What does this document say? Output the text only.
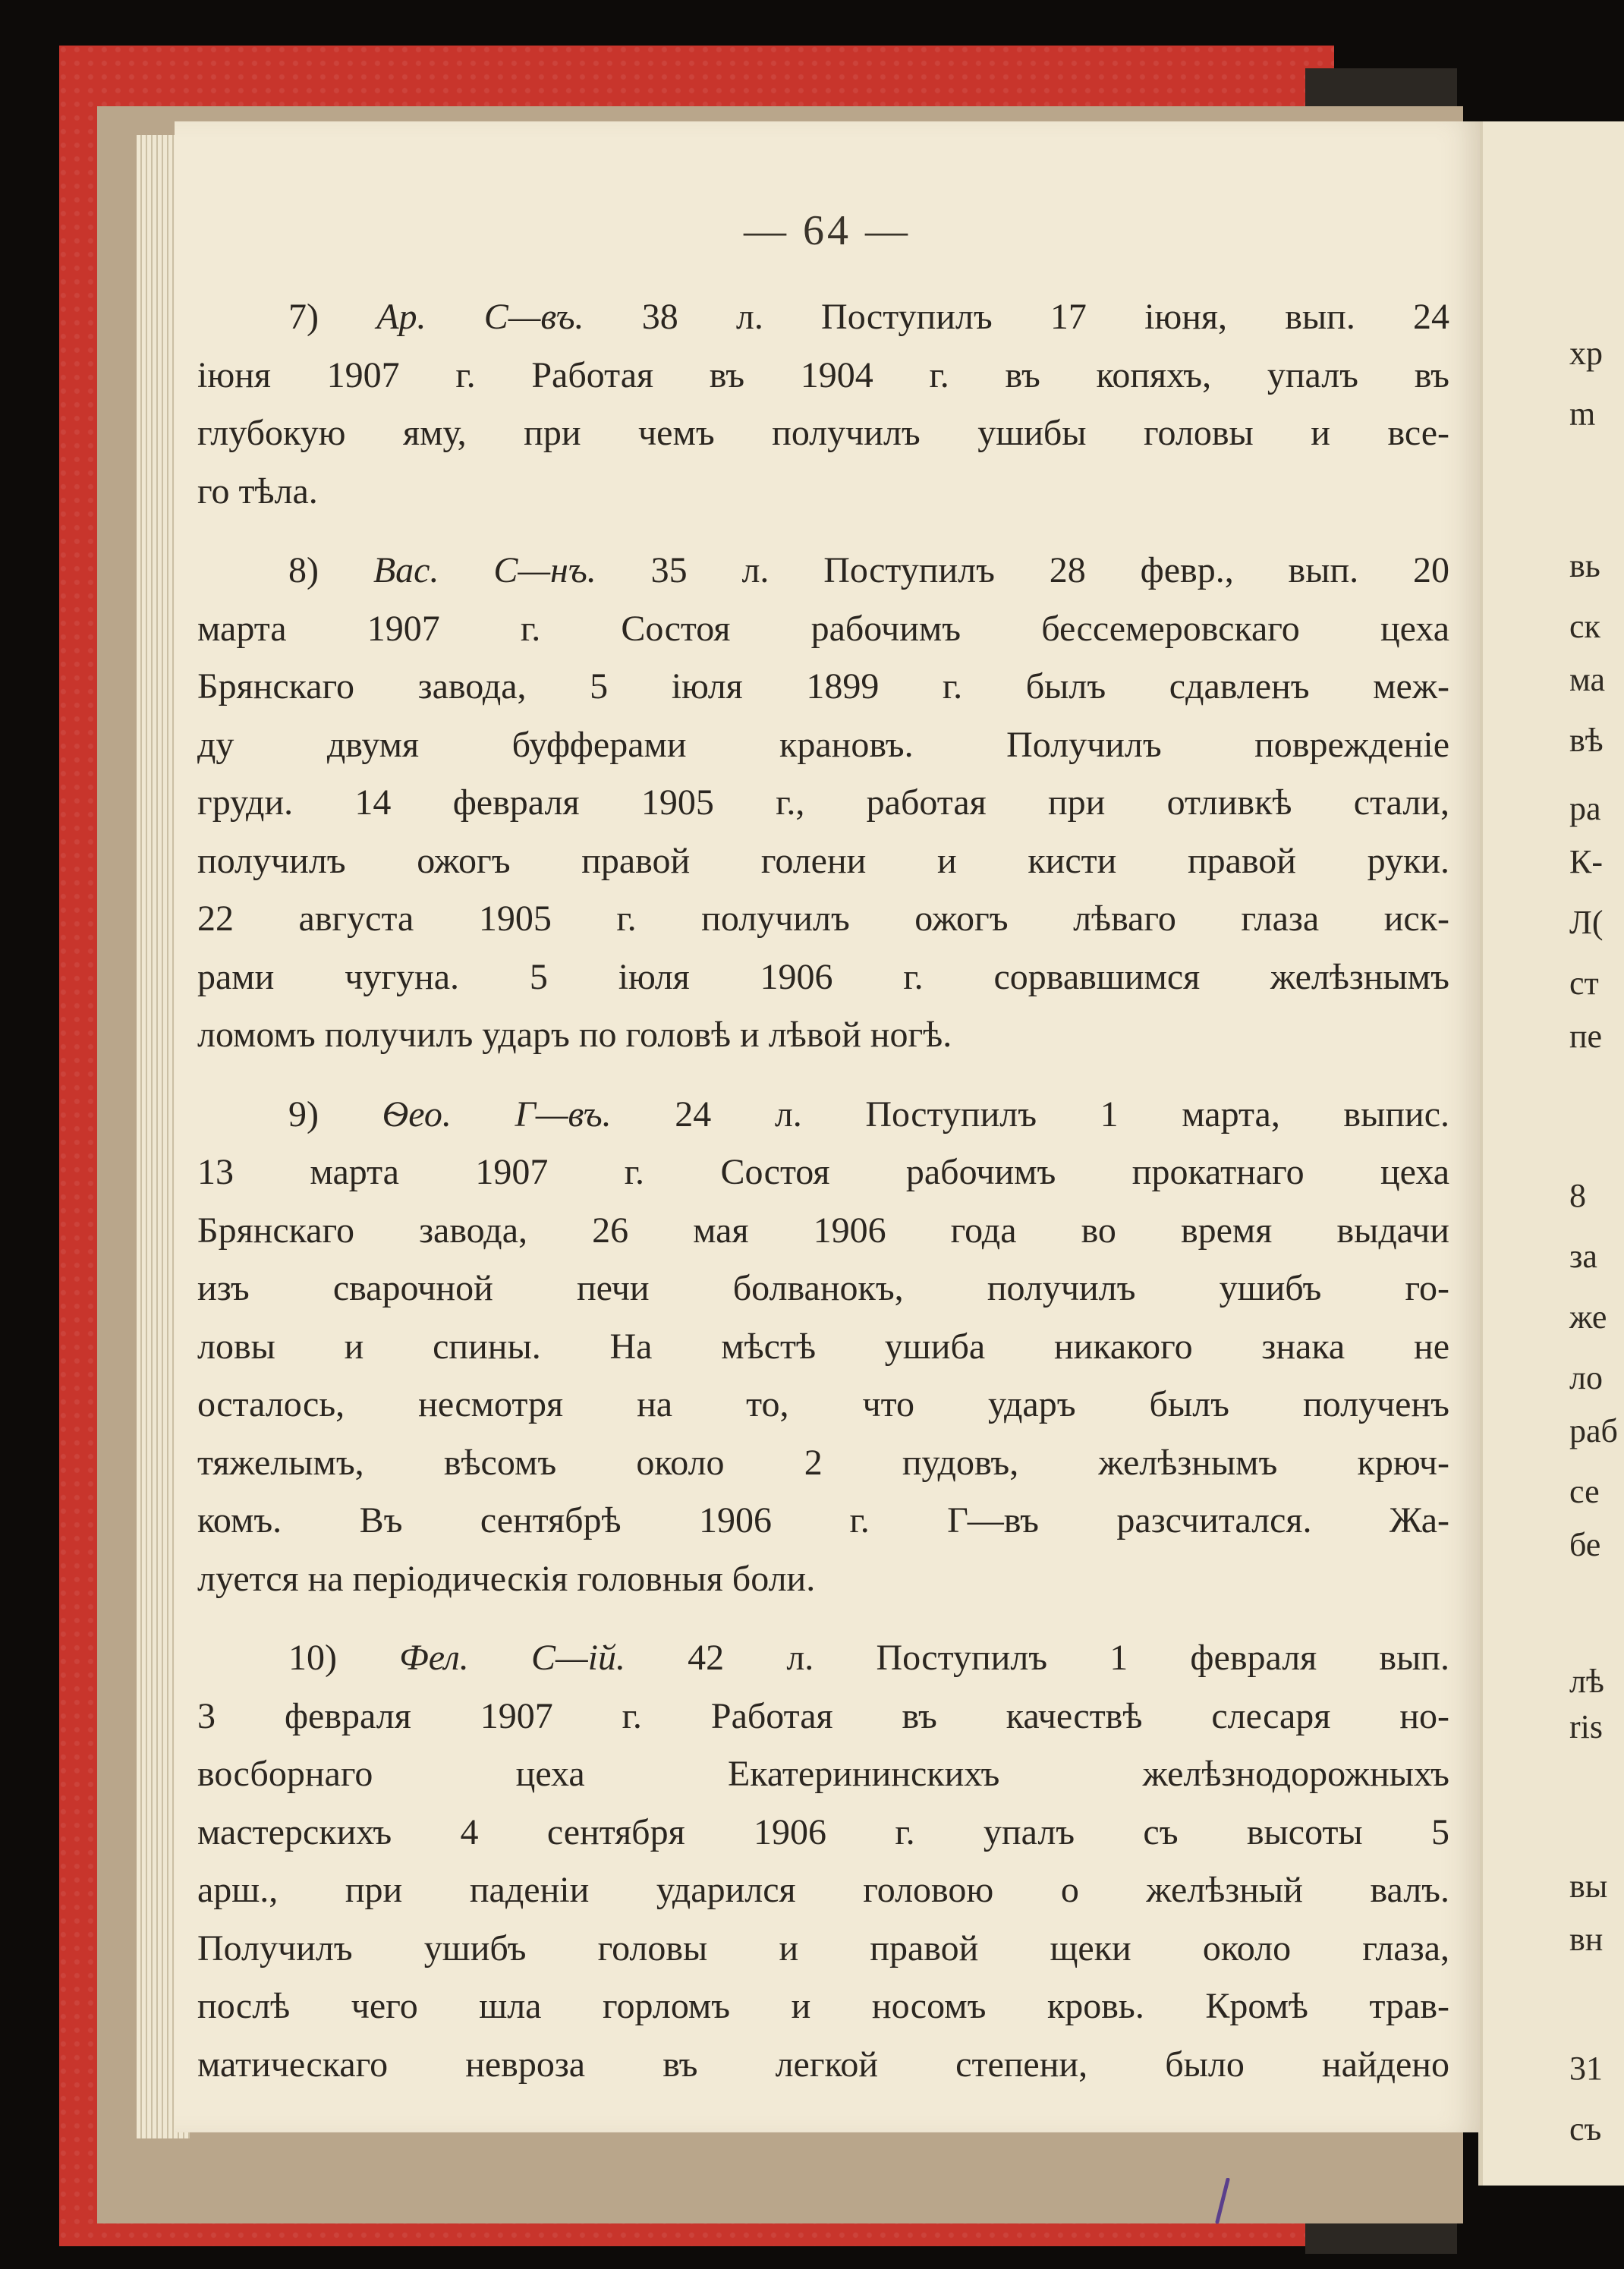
— 64 —
7) Ар. С—въ. 38 л. Поступилъ 17 іюня, вып. 24
іюня 1907 г. Работая въ 1904 г. въ копяхъ, упалъ въ
глубокую яму, при чемъ получилъ ушибы головы и все-
го тѣла.
8) Вас. С—нъ. 35 л. Поступилъ 28 февр., вып. 20
марта 1907 г. Состоя рабочимъ бессемеровскаго цеха
Брянскаго завода, 5 іюля 1899 г. былъ сдавленъ меж-
ду двумя буфферами крановъ. Получилъ поврежденіе
груди. 14 февраля 1905 г., работая при отливкѣ стали,
получилъ ожогъ правой голени и кисти правой руки.
22 августа 1905 г. получилъ ожогъ лѣваго глаза иск-
рами чугуна. 5 іюля 1906 г. сорвавшимся желѣзнымъ
ломомъ получилъ ударъ по головѣ и лѣвой ногѣ.
9) Ѳео. Г—въ. 24 л. Поступилъ 1 марта, выпис.
13 марта 1907 г. Состоя рабочимъ прокатнаго цеха
Брянскаго завода, 26 мая 1906 года во время выдачи
изъ сварочной печи болванокъ, получилъ ушибъ го-
ловы и спины. На мѣстѣ ушиба никакого знака не
осталось, несмотря на то, что ударъ былъ полученъ
тяжелымъ, вѣсомъ около 2 пудовъ, желѣзнымъ крюч-
комъ. Въ сентябрѣ 1906 г. Г—въ разсчитался. Жа-
луется на періодическія головныя боли.
10) Фел. С—ій. 42 л. Поступилъ 1 февраля вып.
3 февраля 1907 г. Работая въ качествѣ слесаря но-
восборнаго цеха Екатерининскихъ желѣзнодорожныхъ
мастерскихъ 4 сентября 1906 г. упалъ съ высоты 5
арш., при паденіи ударился головою о желѣзный валъ.
Получилъ ушибъ головы и правой щеки около глаза,
послѣ чего шла горломъ и носомъ кровь. Кромѣ трав-
матическаго невроза въ легкой степени, было найдено
хр
m
вь
ск
ма
вѣ
ра
К-
Л(
ст
пе
8
за
же
ло
раб
се
бе
лѣ
ris
вы
вн
31
съ
